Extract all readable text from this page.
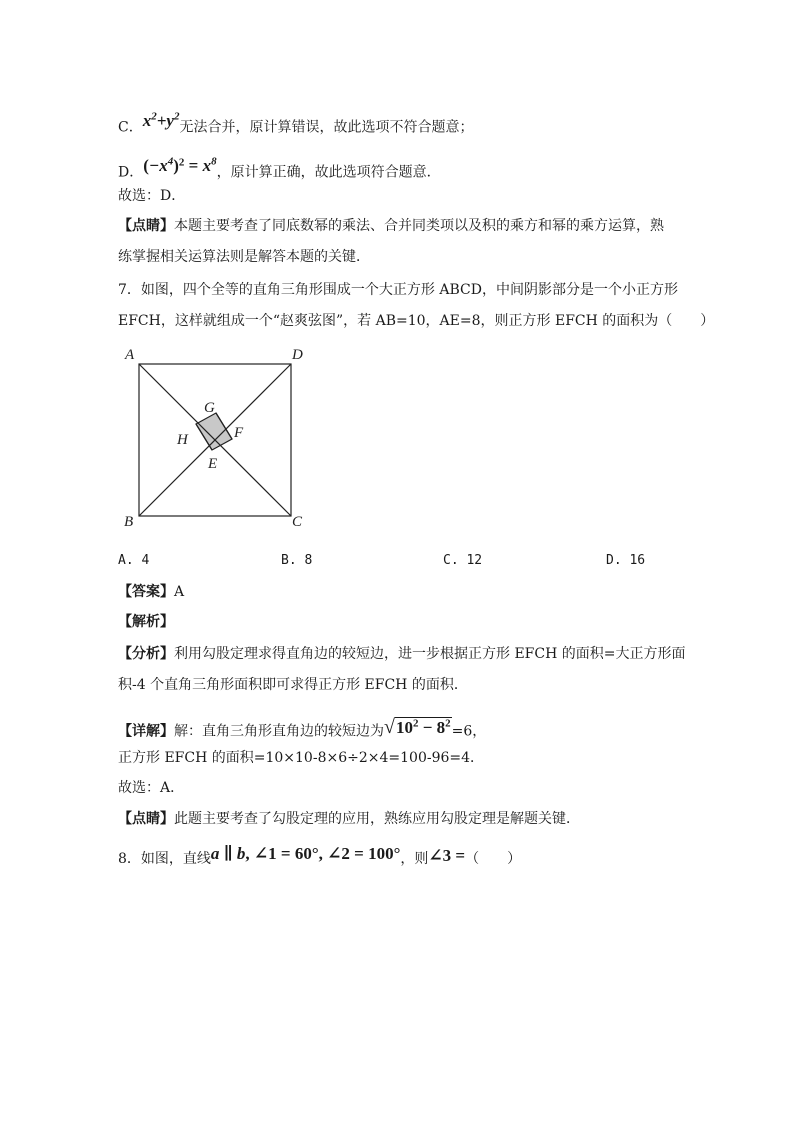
C．$x^2+y^2$无法合并，原计算错误，故此选项不符合题意；
D．$(-x^4)^2 = x^8$，原计算正确，故此选项符合题意．
故选：D．
【点睛】本题主要考查了同底数幂的乘法、合并同类项以及积的乘方和幂的乘方运算，熟
练掌握相关运算法则是解答本题的关键．
7．如图，四个全等的直角三角形围成一个大正方形 ABCD，中间阴影部分是一个小正方形
EFCH，这样就组成一个“赵爽弦图”，若 AB=10，AE=8，则正方形 EFCH 的面积为（　　）
A	D
B	C
G
F
H
E
A. 4	B. 8	C. 12	D. 16
【答案】A
【解析】
【分析】利用勾股定理求得直角边的较短边，进一步根据正方形 EFCH 的面积=大正方形面
积-4 个直角三角形面积即可求得正方形 EFCH 的面积．
【详解】解：直角三角形直角边的较短边为$√10^2 - 8^2=6$，
正方形 EFCH 的面积=10×10-8×6÷2×4=100-96=4．
故选：A．
【点睛】此题主要考查了勾股定理的应用，熟练应用勾股定理是解题关键．
8．如图，直线a ∥ b, ∠1 = 60°, ∠2 = 100°，则∠3 =（　　）
